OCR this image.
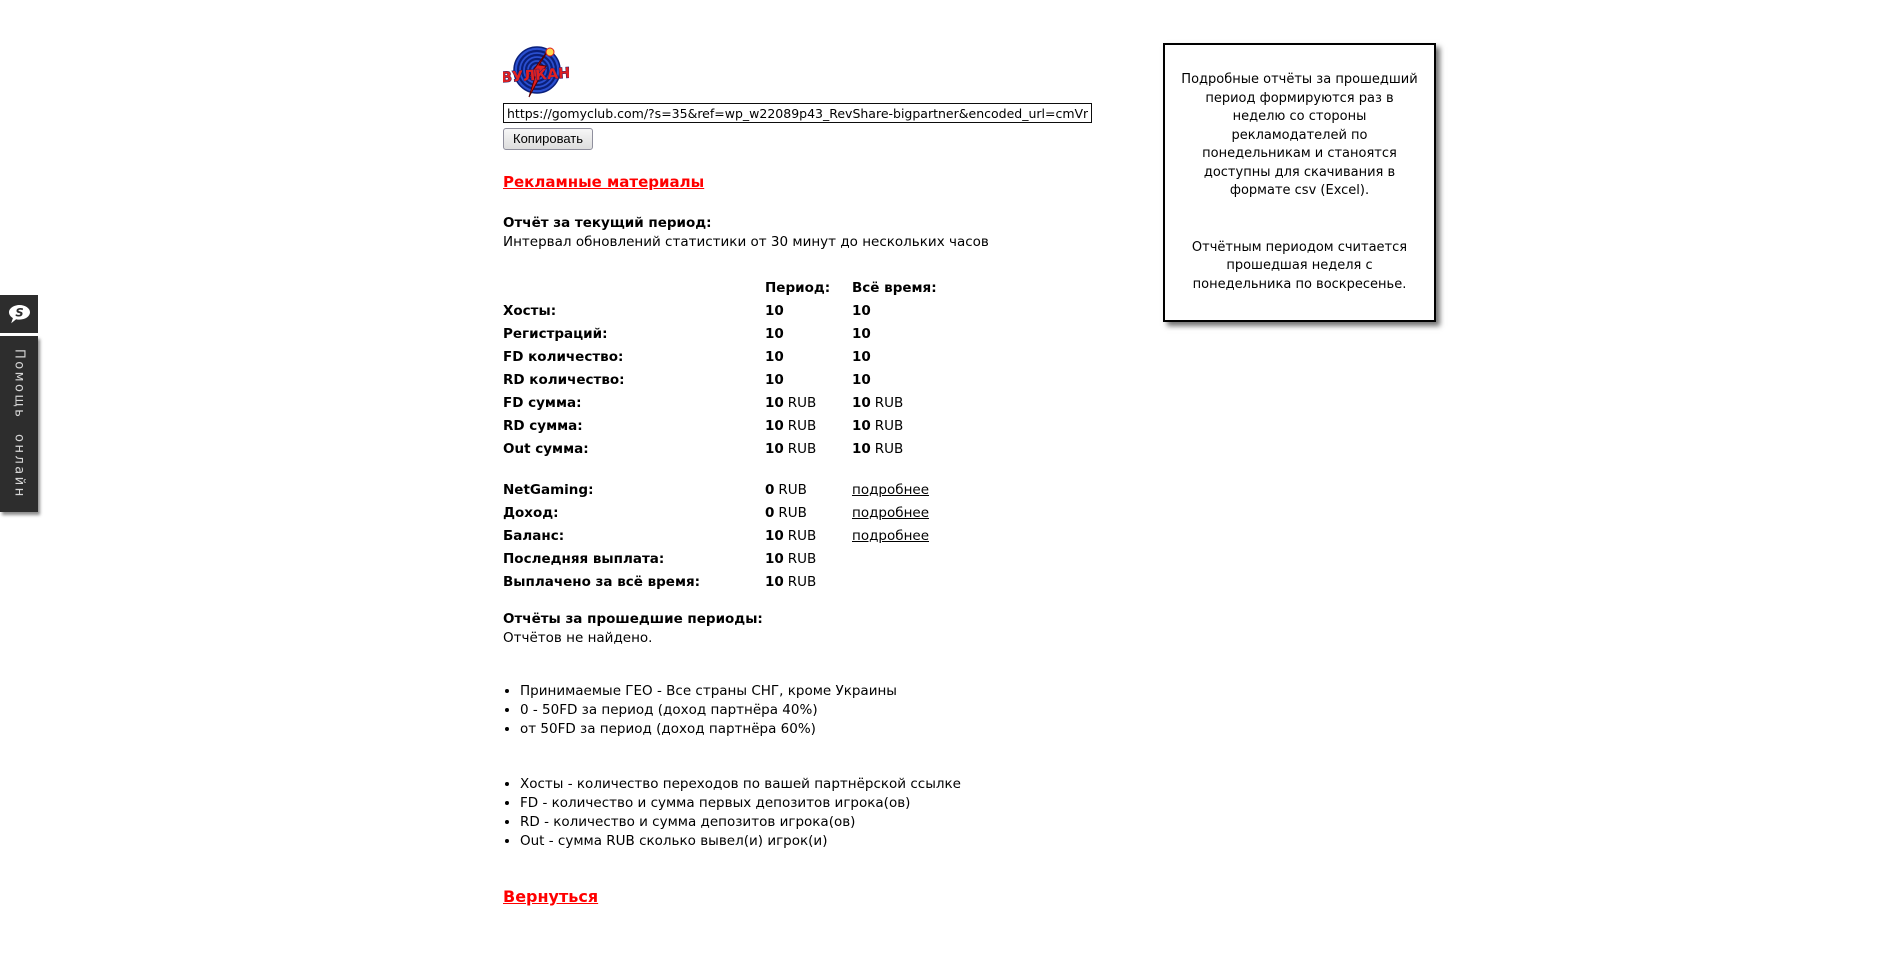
S
Помощь онлайн
ВУЛКАН
https://gomyclub.com/?s=35&ref=wp_w22089p43_RevShare-bigpartner&encoded_url=cmVnaXN0 Копировать
Рекламные материалы
Отчёт за текущий период:
Интервал обновлений статистики от 30 минут до нескольких часов
Период:	Всё время:
Хосты:	10	10
Регистраций:	10	10
FD количество:	10	10
RD количество:	10	10
FD сумма:	10 RUB	10 RUB
RD сумма:	10 RUB	10 RUB
Out сумма:	10 RUB	10 RUB
NetGaming:	0 RUB	подробнее
Доход:	0 RUB	подробнее
Баланс:	10 RUB	подробнее
Последняя выплата:	10 RUB
Выплачено за всё время:	10 RUB
Отчёты за прошедшие периоды:
Отчётов не найдено.
• Принимаемые ГЕО - Все страны СНГ, кроме Украины
• 0 - 50FD за период (доход партнёра 40%)
• от 50FD за период (доход партнёра 60%)
• Хосты - количество переходов по вашей партнёрской ссылке
• FD - количество и сумма первых депозитов игрока(ов)
• RD - количество и сумма депозитов игрока(ов)
• Out - сумма RUB сколько вывел(и) игрок(и)
Вернуться

Подробные отчёты за прошедший период формируются раз в неделю со стороны рекламодателей по понедельникам и станоятся доступны для скачивания в формате csv (Excel).

Отчётным периодом считается прошедшая неделя с понедельника по воскресенье.
